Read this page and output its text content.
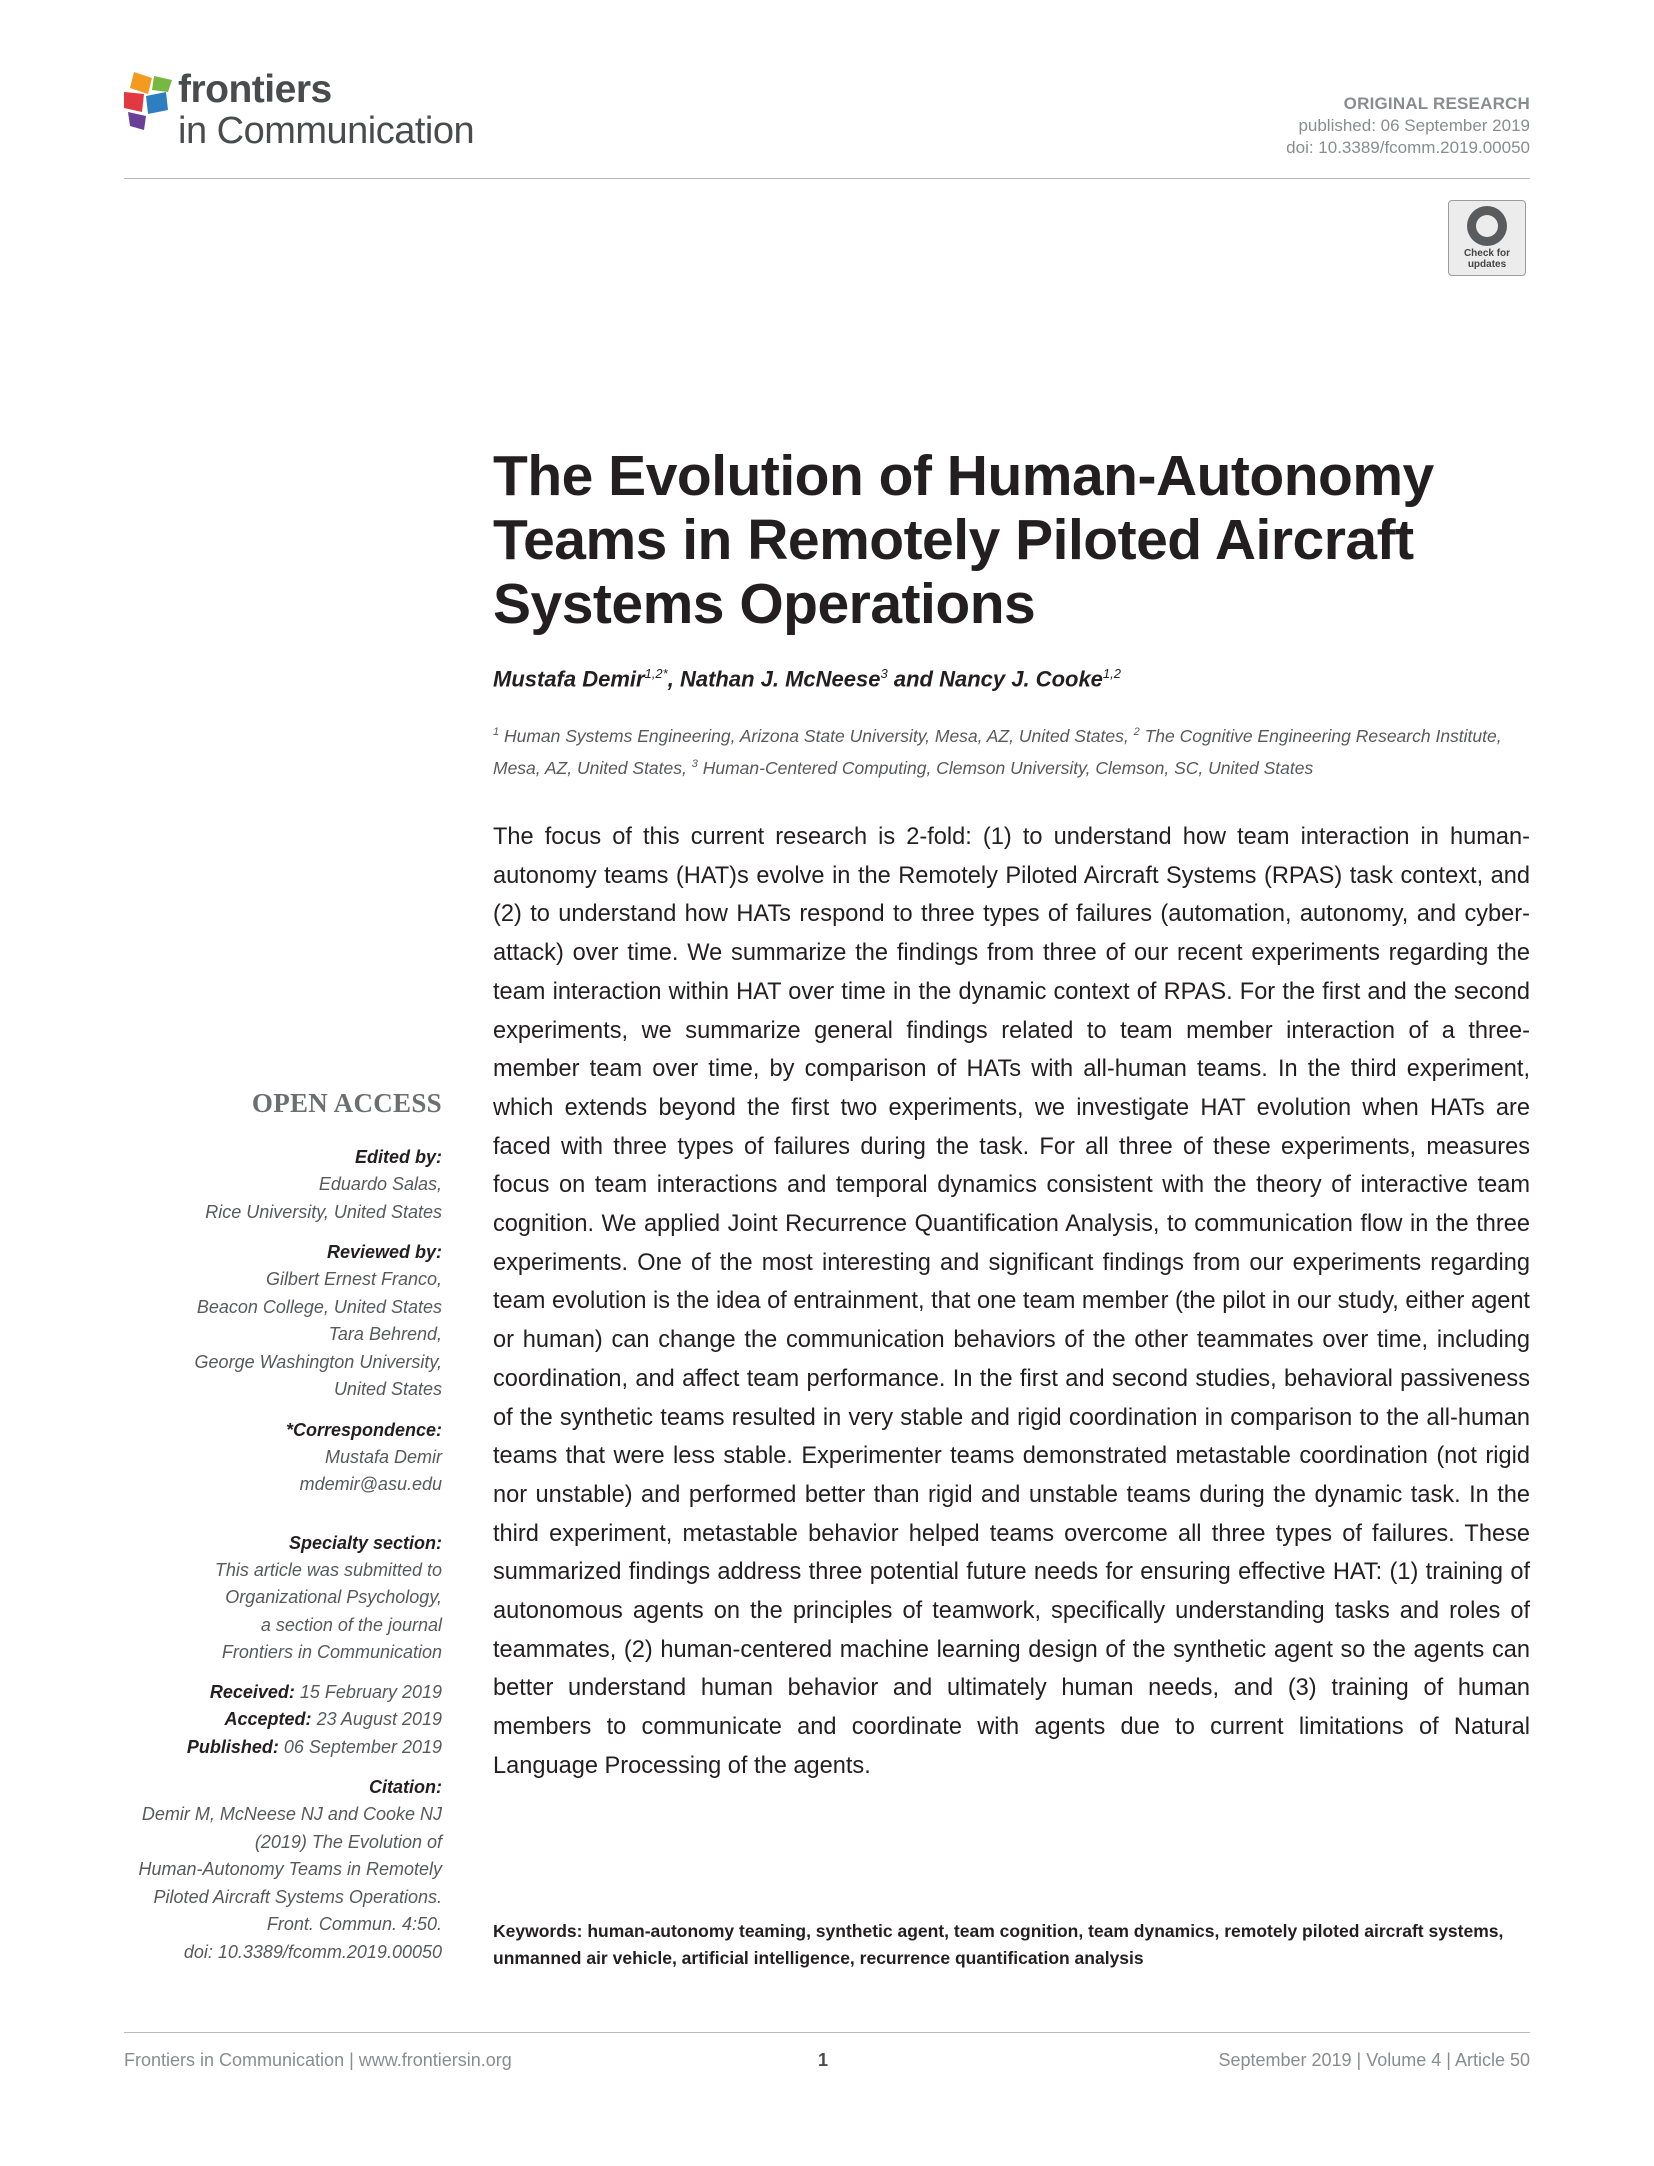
frontiers
in Communication
ORIGINAL RESEARCH
published: 06 September 2019
doi: 10.3389/fcomm.2019.00050
Check for updates
The Evolution of Human-Autonomy Teams in Remotely Piloted Aircraft Systems Operations
Mustafa Demir$^{1,2*}$, Nathan J. McNeese$^3$ and Nancy J. Cooke$^{1,2}$
$^1$ Human Systems Engineering, Arizona State University, Mesa, AZ, United States, $^2$ The Cognitive Engineering Research Institute, Mesa, AZ, United States, $^3$ Human-Centered Computing, Clemson University, Clemson, SC, United States

The focus of this current research is 2-fold: (1) to understand how team interaction in human-autonomy teams (HAT)s evolve in the Remotely Piloted Aircraft Systems (RPAS) task context, and (2) to understand how HATs respond to three types of failures (automation, autonomy, and cyber-attack) over time. We summarize the findings from three of our recent experiments regarding the team interaction within HAT over time in the dynamic context of RPAS. For the first and the second experiments, we summarize general findings related to team member interaction of a three-member team over time, by comparison of HATs with all-human teams. In the third experiment, which extends beyond the first two experiments, we investigate HAT evolution when HATs are faced with three types of failures during the task. For all three of these experiments, measures focus on team interactions and temporal dynamics consistent with the theory of interactive team cognition. We applied Joint Recurrence Quantification Analysis, to communication flow in the three experiments. One of the most interesting and significant findings from our experiments regarding team evolution is the idea of entrainment, that one team member (the pilot in our study, either agent or human) can change the communication behaviors of the other teammates over time, including coordination, and affect team performance. In the first and second studies, behavioral passiveness of the synthetic teams resulted in very stable and rigid coordination in comparison to the all-human teams that were less stable. Experimenter teams demonstrated metastable coordination (not rigid nor unstable) and performed better than rigid and unstable teams during the dynamic task. In the third experiment, metastable behavior helped teams overcome all three types of failures. These summarized findings address three potential future needs for ensuring effective HAT: (1) training of autonomous agents on the principles of teamwork, specifically understanding tasks and roles of teammates, (2) human-centered machine learning design of the synthetic agent so the agents can better understand human behavior and ultimately human needs, and (3) training of human members to communicate and coordinate with agents due to current limitations of Natural Language Processing of the agents.

Keywords: human-autonomy teaming, synthetic agent, team cognition, team dynamics, remotely piloted aircraft systems, unmanned air vehicle, artificial intelligence, recurrence quantification analysis
OPEN ACCESS
Edited by:
Eduardo Salas,
Rice University, United States
Reviewed by:
Gilbert Ernest Franco,
Beacon College, United States
Tara Behrend,
George Washington University,
United States
*Correspondence:
Mustafa Demir
mdemir@asu.edu
Specialty section:
This article was submitted to
Organizational Psychology,
a section of the journal
Frontiers in Communication
Received: 15 February 2019
Accepted: 23 August 2019
Published: 06 September 2019
Citation:
Demir M, McNeese NJ and Cooke NJ
(2019) The Evolution of
Human-Autonomy Teams in Remotely
Piloted Aircraft Systems Operations.
Front. Commun. 4:50.
doi: 10.3389/fcomm.2019.00050
Frontiers in Communication | www.frontiersin.org	1	September 2019 | Volume 4 | Article 50
